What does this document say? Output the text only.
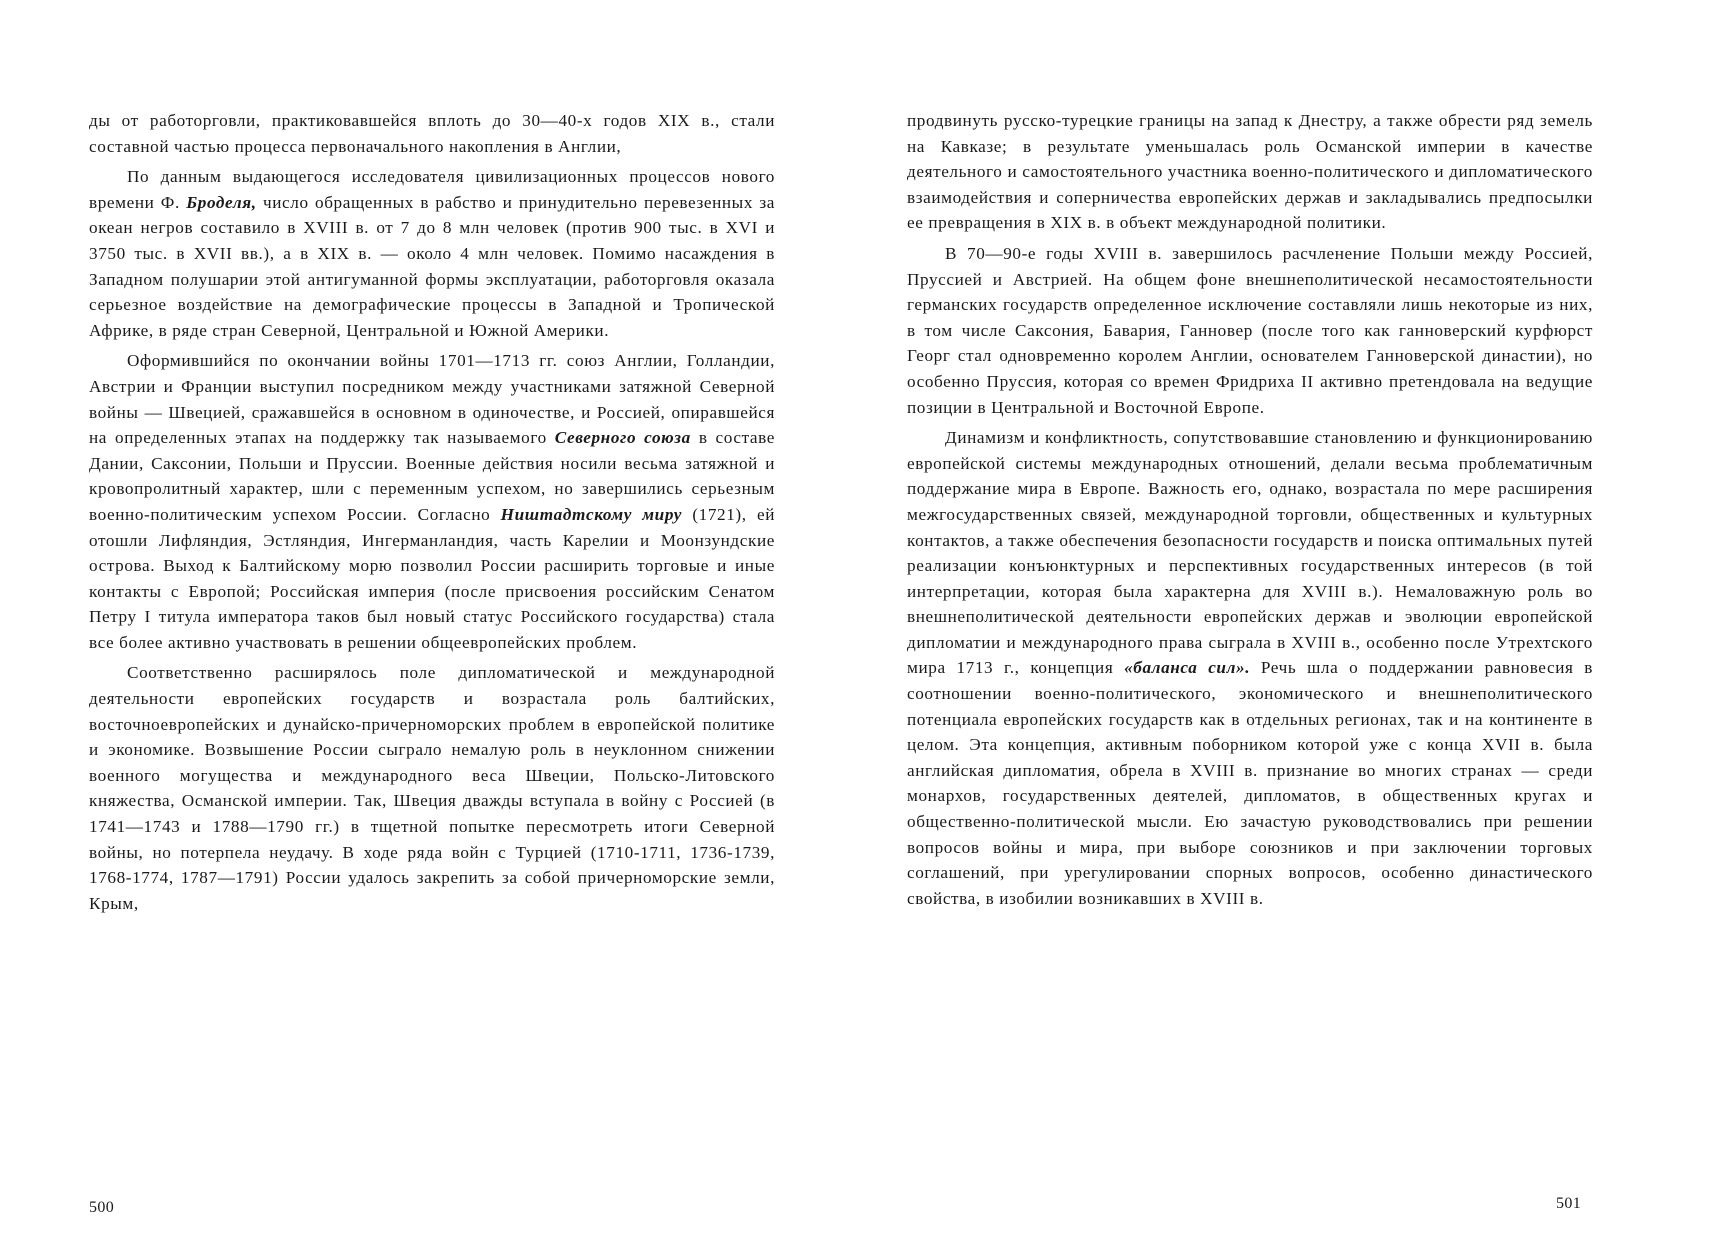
ды от работорговли, практиковавшейся вплоть до 30—40-х годов XIX в., стали составной частью процесса первоначального накопления в Англии,

По данным выдающегося исследователя цивилизационных процессов нового времени Ф. Броделя, число обращенных в рабство и принудительно перевезенных за океан негров составило в XVIII в. от 7 до 8 млн человек (против 900 тыс. в XVI и 3750 тыс. в XVII вв.), а в XIX в. — около 4 млн человек. Помимо насаждения в Западном полушарии этой антигуманной формы эксплуатации, работорговля оказала серьезное воздействие на демографические процессы в Западной и Тропической Африке, в ряде стран Северной, Центральной и Южной Америки.

Оформившийся по окончании войны 1701—1713 гг. союз Англии, Голландии, Австрии и Франции выступил посредником между участниками затяжной Северной войны — Швецией, сражавшейся в основном в одиночестве, и Россией, опиравшейся на определенных этапах на поддержку так называемого Северного союза в составе Дании, Саксонии, Польши и Пруссии. Военные действия носили весьма затяжной и кровопролитный характер, шли с переменным успехом, но завершились серьезным военно-политическим успехом России. Согласно Ништадтскому миру (1721), ей отошли Лифляндия, Эстляндия, Ингерманландия, часть Карелии и Моонзундские острова. Выход к Балтийскому морю позволил России расширить торговые и иные контакты с Европой; Российская империя (после присвоения российским Сенатом Петру I титула императора таков был новый статус Российского государства) стала все более активно участвовать в решении общеевропейских проблем.

Соответственно расширялось поле дипломатической и международной деятельности европейских государств и возрастала роль балтийских, восточноевропейских и дунайско-причерноморских проблем в европейской политике и экономике. Возвышение России сыграло немалую роль в неуклонном снижении военного могущества и международного веса Швеции, Польско-Литовского княжества, Османской империи. Так, Швеция дважды вступала в войну с Россией (в 1741—1743 и 1788—1790 гг.) в тщетной попытке пересмотреть итоги Северной войны, но потерпела неудачу. В ходе ряда войн с Турцией (1710-1711, 1736-1739, 1768-1774, 1787—1791) России удалось закрепить за собой причерноморские земли, Крым,

500

продвинуть русско-турецкие границы на запад к Днестру, а также обрести ряд земель на Кавказе; в результате уменьшалась роль Османской империи в качестве деятельного и самостоятельного участника военно-политического и дипломатического взаимодействия и соперничества европейских держав и закладывались предпосылки ее превращения в XIX в. в объект международной политики.

В 70—90-е годы XVIII в. завершилось расчленение Польши между Россией, Пруссией и Австрией. На общем фоне внешнеполитической несамостоятельности германских государств определенное исключение составляли лишь некоторые из них, в том числе Саксония, Бавария, Ганновер (после того как ганноверский курфюрст Георг стал одновременно королем Англии, основателем Ганноверской династии), но особенно Пруссия, которая со времен Фридриха II активно претендовала на ведущие позиции в Центральной и Восточной Европе.

Динамизм и конфликтность, сопутствовавшие становлению и функционированию европейской системы международных отношений, делали весьма проблематичным поддержание мира в Европе. Важность его, однако, возрастала по мере расширения межгосударственных связей, международной торговли, общественных и культурных контактов, а также обеспечения безопасности государств и поиска оптимальных путей реализации конъюнктурных и перспективных государственных интересов (в той интерпретации, которая была характерна для XVIII в.). Немаловажную роль во внешнеполитической деятельности европейских держав и эволюции европейской дипломатии и международного права сыграла в XVIII в., особенно после Утрехтского мира 1713 г., концепция «баланса сил». Речь шла о поддержании равновесия в соотношении военно-политического, экономического и внешнеполитического потенциала европейских государств как в отдельных регионах, так и на континенте в целом. Эта концепция, активным поборником которой уже с конца XVII в. была английская дипломатия, обрела в XVIII в. признание во многих странах — среди монархов, государственных деятелей, дипломатов, в общественных кругах и общественно-политической мысли. Ею зачастую руководствовались при решении вопросов войны и мира, при выборе союзников и при заключении торговых соглашений, при урегулировании спорных вопросов, особенно династического свойства, в изобилии возникавших в XVIII в.

501
